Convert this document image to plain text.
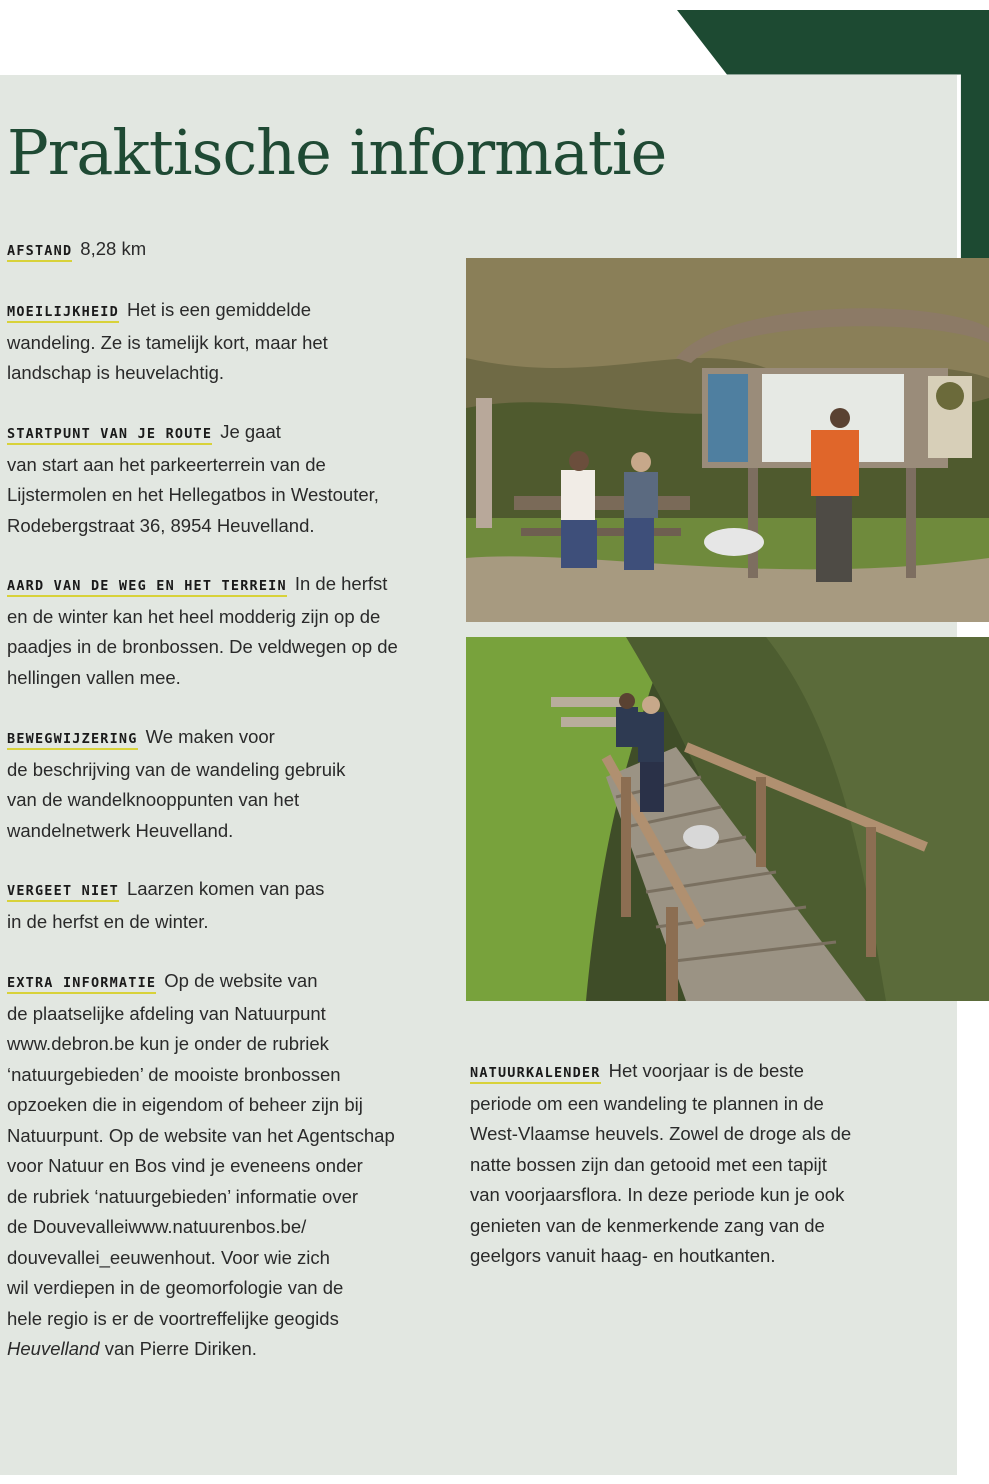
Praktische informatie
AFSTAND 8,28 km
MOEILIJKHEID Het is een gemiddelde
wandeling. Ze is tamelijk kort, maar het
landschap is heuvelachtig.
STARTPUNT VAN JE ROUTE Je gaat
van start aan het parkeerterrein van de
Lijstermolen en het Hellegatbos in Westouter,
Rodebergstraat 36, 8954 Heuvelland.
AARD VAN DE WEG EN HET TERREIN In de herfst
en de winter kan het heel modderig zijn op de
paadjes in de bronbossen. De veldwegen op de
hellingen vallen mee.
BEWEGWIJZERING We maken voor
de beschrijving van de wandeling gebruik
van de wandelknooppunten van het
wandelnetwerk Heuvelland.
VERGEET NIET Laarzen komen van pas
in de herfst en de winter.
EXTRA INFORMATIE Op de website van
de plaatselijke afdeling van Natuurpunt
www.debron.be kun je onder de rubriek
‘natuurgebieden’ de mooiste bronbossen
opzoeken die in eigendom of beheer zijn bij
Natuurpunt. Op de website van het Agentschap
voor Natuur en Bos vind je eveneens onder
de rubriek ‘natuurgebieden’ informatie over
de Douvevalleiwww.natuurenbos.be/
douvevallei_eeuwenhout. Voor wie zich
wil verdiepen in de geomorfologie van de
hele regio is er de voortreffelijke geogids
Heuvelland van Pierre Diriken.
NATUURKALENDER Het voorjaar is de beste
periode om een wandeling te plannen in de
West-Vlaamse heuvels. Zowel de droge als de
natte bossen zijn dan getooid met een tapijt
van voorjaarsflora. In deze periode kun je ook
genieten van de kenmerkende zang van de
geelgors vanuit haag- en houtkanten.
